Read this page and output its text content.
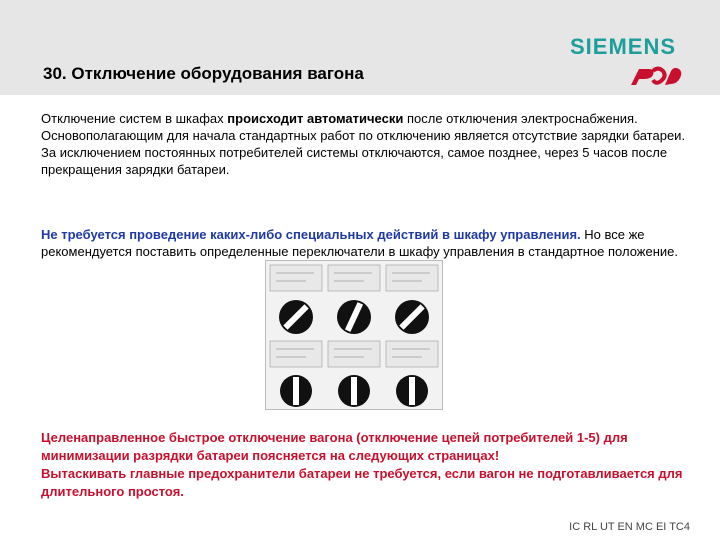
30. Отключение оборудования вагона
SIEMENS

Отключение систем в шкафах происходит автоматически после отключения электроснабжения.

Основополагающим для начала стандартных работ по отключению является отсутствие зарядки батареи.

За исключением постоянных потребителей системы отключаются, самое позднее, через 5 часов после прекращения зарядки батареи.

Не требуется проведение каких-либо специальных действий в шкафу управления. Но все же рекомендуется поставить определенные переключатели в шкафу управления в стандартное положение.
Целенаправленное быстрое отключение вагона (отключение цепей потребителей 1-5) для минимизации разрядки батареи поясняется на следующих страницах!
Вытаскивать главные предохранители батареи не требуется, если вагон не подготавливается для длительного простоя.
© Siemens AG 2012. Все права защищены
IC RL UT EN MC EI TC4
